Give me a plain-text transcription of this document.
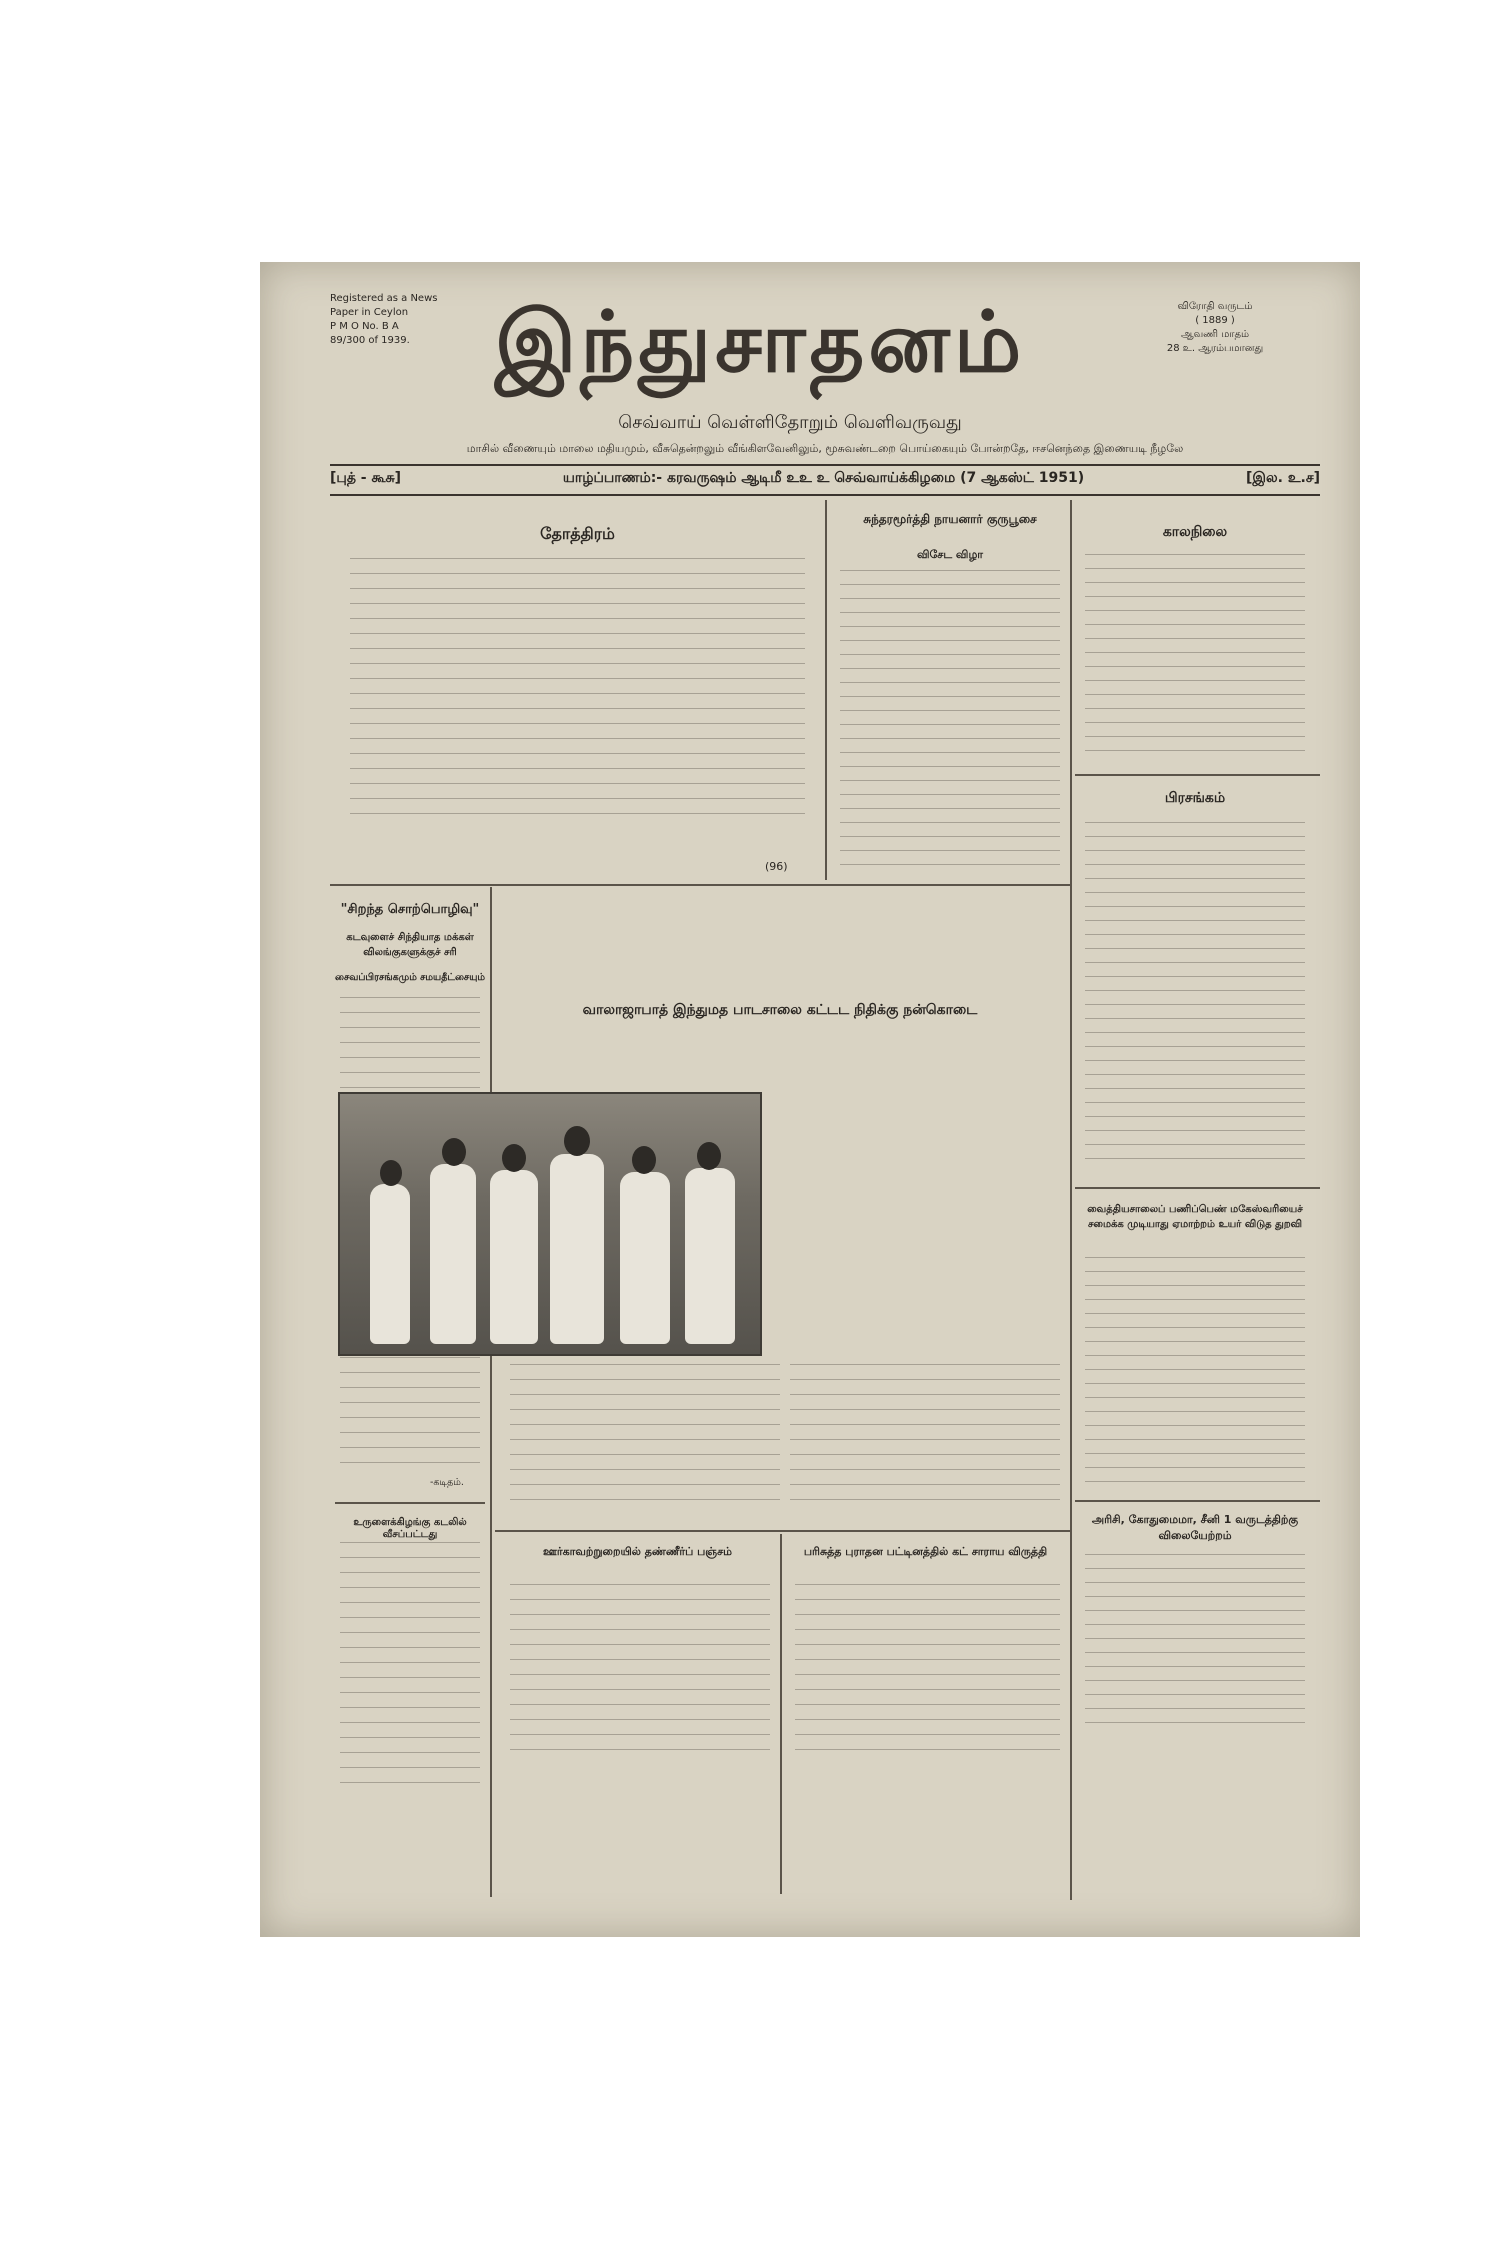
Registered as a News
Paper in Ceylon
P M O No. B A
89/300 of 1939.	இந்துசாதனம்	விரோதி வருடம்
( 1889 )
ஆவணி மாதம்
28 உ. ஆரம்பமானது
செவ்வாய் வெள்ளிதோறும் வெளிவருவது
மாசில் வீணையும் மாலை மதியமும், வீசுதென்றலும் வீங்கிளவேனிலும், மூசுவண்டறை பொய்கையும் போன்றதே, ஈசனெந்தை இணையடி நீழலே
[புத் - கூசு]	யாழ்ப்பாணம்:- கரவருஷம் ஆடிமீ உஉ உ செவ்வாய்க்கிழமை (7 ஆகஸ்ட் 1951)	[இல. உ.ச]
தோத்திரம்
(96)
சுந்தரமூர்த்தி நாயனார் குருபூசை
விசேட விழா
காலநிலை
பிரசங்கம்
வைத்தியசாலைப் பணிப்பெண் மகேஸ்வரியைச் சமைக்க முடியாது ஏமாற்றம் உயர் விடுத துறவி
அரிசி, கோதுமைமா, சீனி 1 வருடத்திற்கு விலையேற்றம்
"சிறந்த சொற்பொழிவு"
கடவுளைச் சிந்தியாத மக்கள் விலங்குகளுக்குச் சரி
சைவப்பிரசங்கமும் சமயதீட்சையும்
-கடிதம்.
உருளைக்கிழங்கு கடலில் வீசப்பட்டது
வாலாஜாபாத் இந்துமத பாடசாலை கட்டட நிதிக்கு நன்கொடை
ஊர்காவற்றுறையில் தண்ணீர்ப் பஞ்சம்	பரிசுத்த புராதன பட்டினத்தில் கட் சாராய விருத்தி
